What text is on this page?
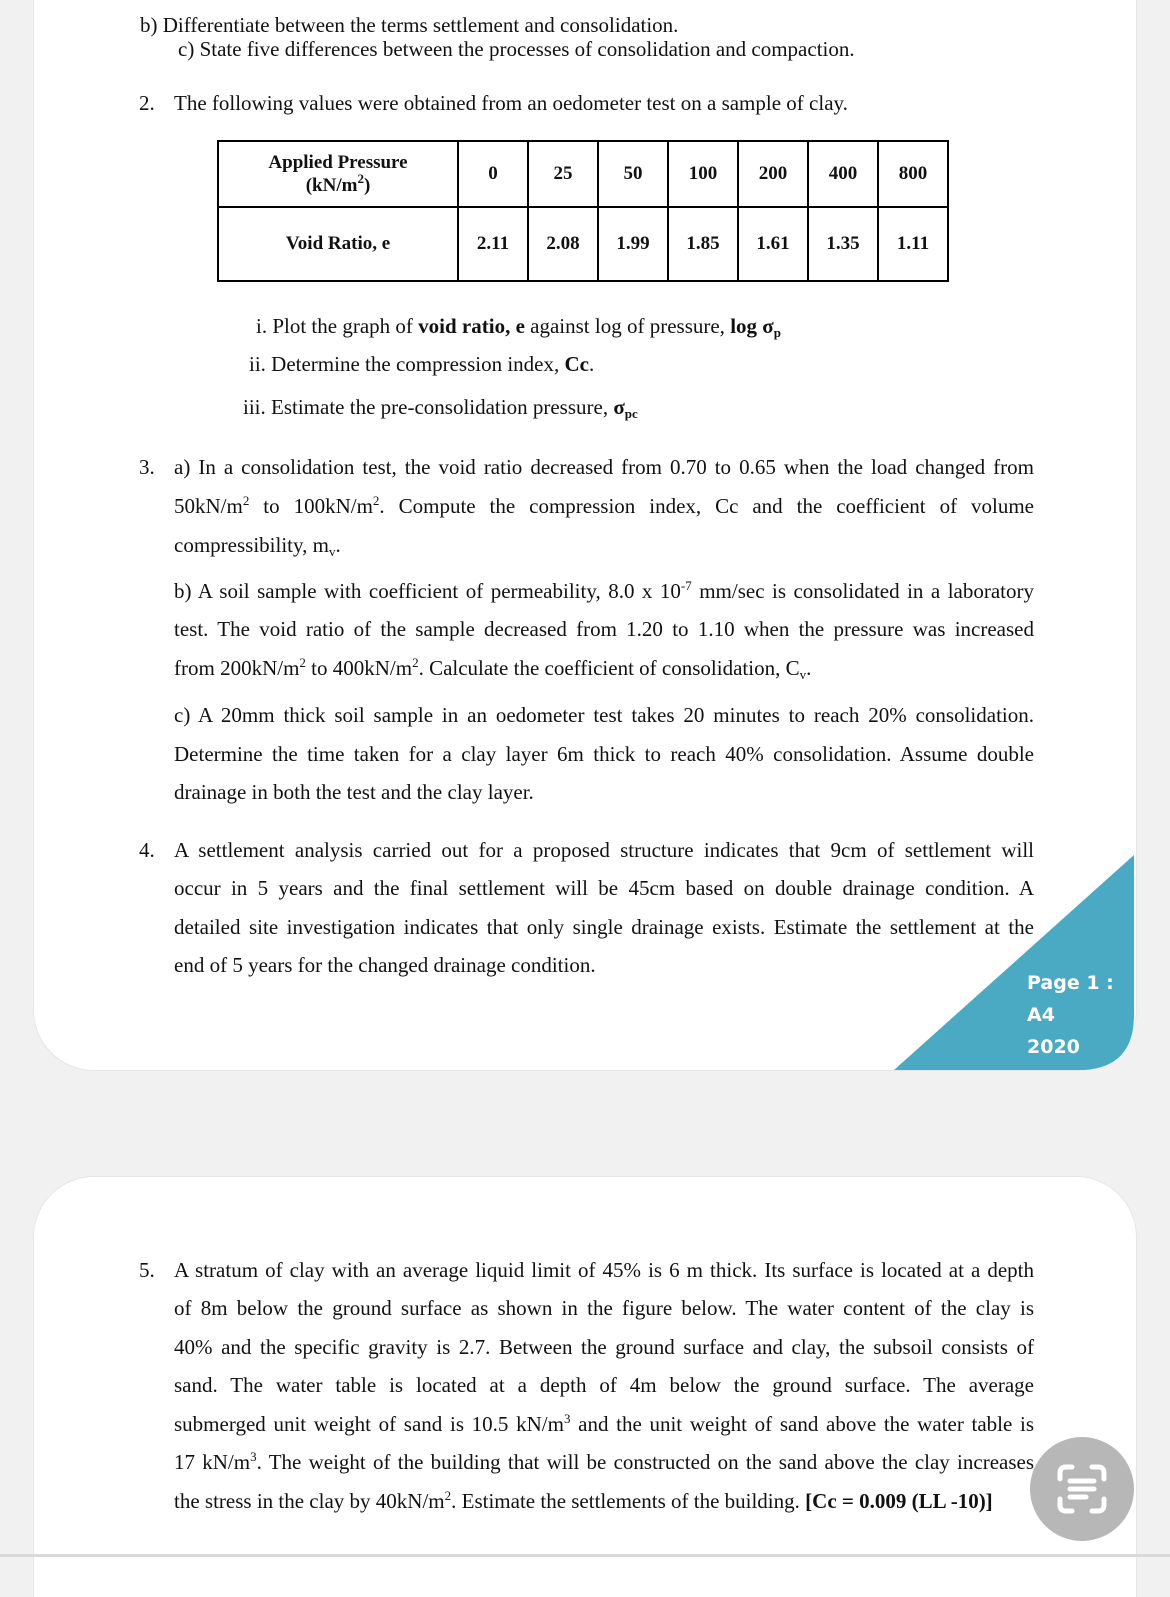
b) Differentiate between the terms settlement and consolidation.
c) State five differences between the processes of consolidation and compaction.
2. The following values were obtained from an oedometer test on a sample of clay.
Applied Pressure
$(kN/m^2)$	0	25	50	100	200	400	800
Void Ratio, e	2.11	2.08	1.99	1.85	1.61	1.35	1.11
i. Plot the graph of void ratio, e against log of pressure, $\log \sigma_p$
ii. Determine the compression index, Cc.
iii. Estimate the pre-consolidation pressure, $\sigma_{pc}$
3. a) In a consolidation test, the void ratio decreased from 0.70 to 0.65 when the load changed from
$50kN/m^2$ to $100kN/m^2$. Compute the compression index, Cc and the coefficient of volume
compressibility, $m_v$.
b) A soil sample with coefficient of permeability, 8.0 x $10^{-7}$ mm/sec is consolidated in a laboratory
test. The void ratio of the sample decreased from 1.20 to 1.10 when the pressure was increased
from $200kN/m^2$ to $400kN/m^2$. Calculate the coefficient of consolidation, $C_v$.
c) A 20mm thick soil sample in an oedometer test takes 20 minutes to reach 20% consolidation.
Determine the time taken for a clay layer 6m thick to reach 40% consolidation. Assume double
drainage in both the test and the clay layer.
4. A settlement analysis carried out for a proposed structure indicates that 9cm of settlement will
occur in 5 years and the final settlement will be 45cm based on double drainage condition. A
detailed site investigation indicates that only single drainage exists. Estimate the settlement at the
end of 5 years for the changed drainage condition.
Page 1 :
A4
2020
5. A stratum of clay with an average liquid limit of 45% is 6 m thick. Its surface is located at a depth
of 8m below the ground surface as shown in the figure below. The water content of the clay is
40% and the specific gravity is 2.7. Between the ground surface and clay, the subsoil consists of
sand. The water table is located at a depth of 4m below the ground surface. The average
submerged unit weight of sand is 10.5 $kN/m^3$ and the unit weight of sand above the water table is
17 $kN/m^3$. The weight of the building that will be constructed on the sand above the clay increases
the stress in the clay by $40kN/m^2$. Estimate the settlements of the building. [Cc = 0.009 (LL -10)]
